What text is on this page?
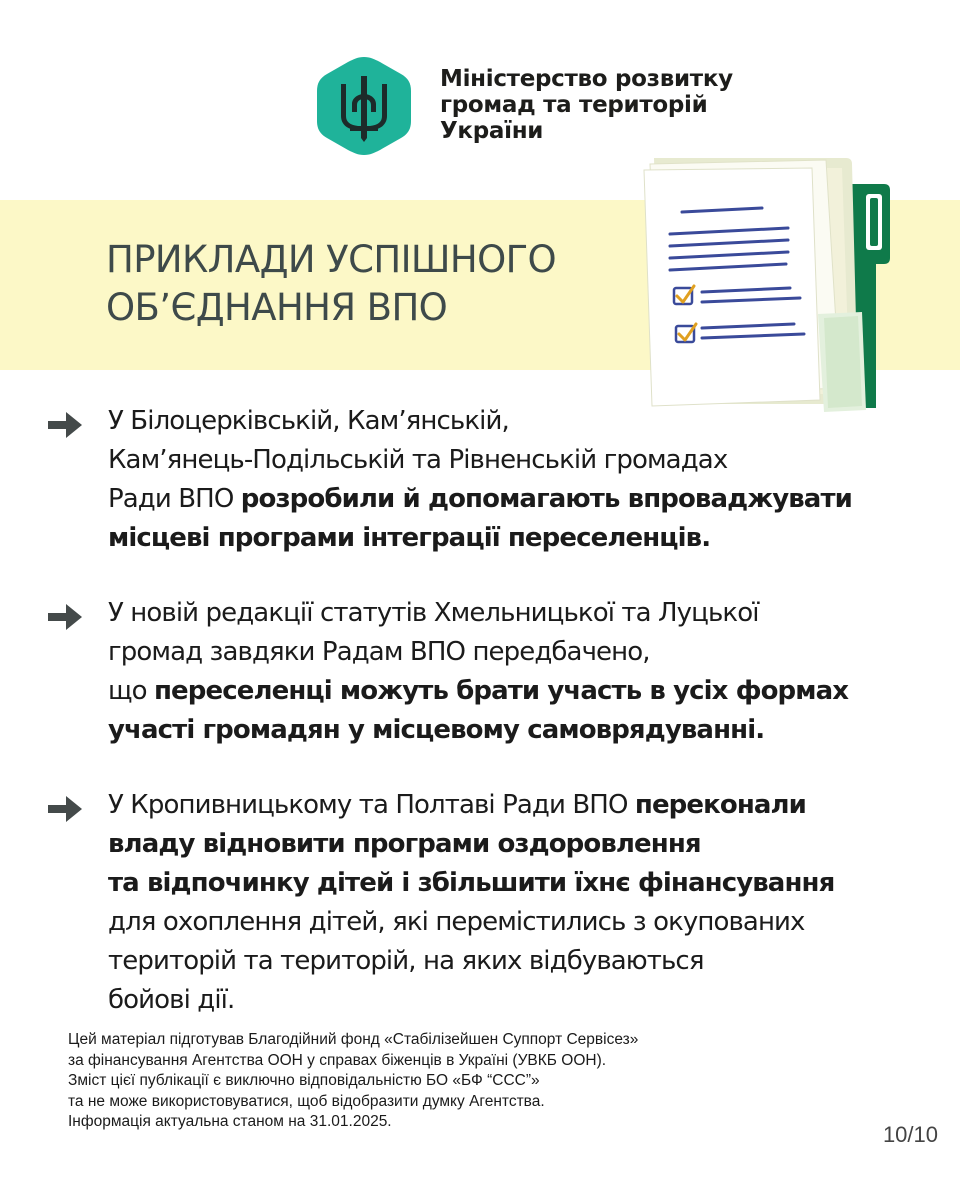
Міністерство розвитку
громад та територій
України
ПРИКЛАДИ УСПІШНОГО
ОБ’ЄДНАННЯ ВПО
У Білоцерківській, Кам’янській,
Кам’янець-Подільській та Рівненській громадах
Ради ВПО розробили й допомагають впроваджувати
місцеві програми інтеграції переселенців.
У новій редакції статутів Хмельницької та Луцької
громад завдяки Радам ВПО передбачено,
що переселенці можуть брати участь в усіх формах
участі громадян у місцевому самоврядуванні.
У Кропивницькому та Полтаві Ради ВПО переконали
владу відновити програми оздоровлення
та відпочинку дітей і збільшити їхнє фінансування
для охоплення дітей, які перемістились з окупованих
територій та територій, на яких відбуваються
бойові дії.
Цей матеріал підготував Благодійний фонд «Стабілізейшен Суппорт Сервісез»
за фінансування Агентства ООН у справах біженців в Україні (УВКБ ООН).
Зміст цієї публікації є виключно відповідальністю БО «БФ “ССС”»
та не може використовуватися, щоб відобразити думку Агентства.
Інформація актуальна станом на 31.01.2025.
10/10
